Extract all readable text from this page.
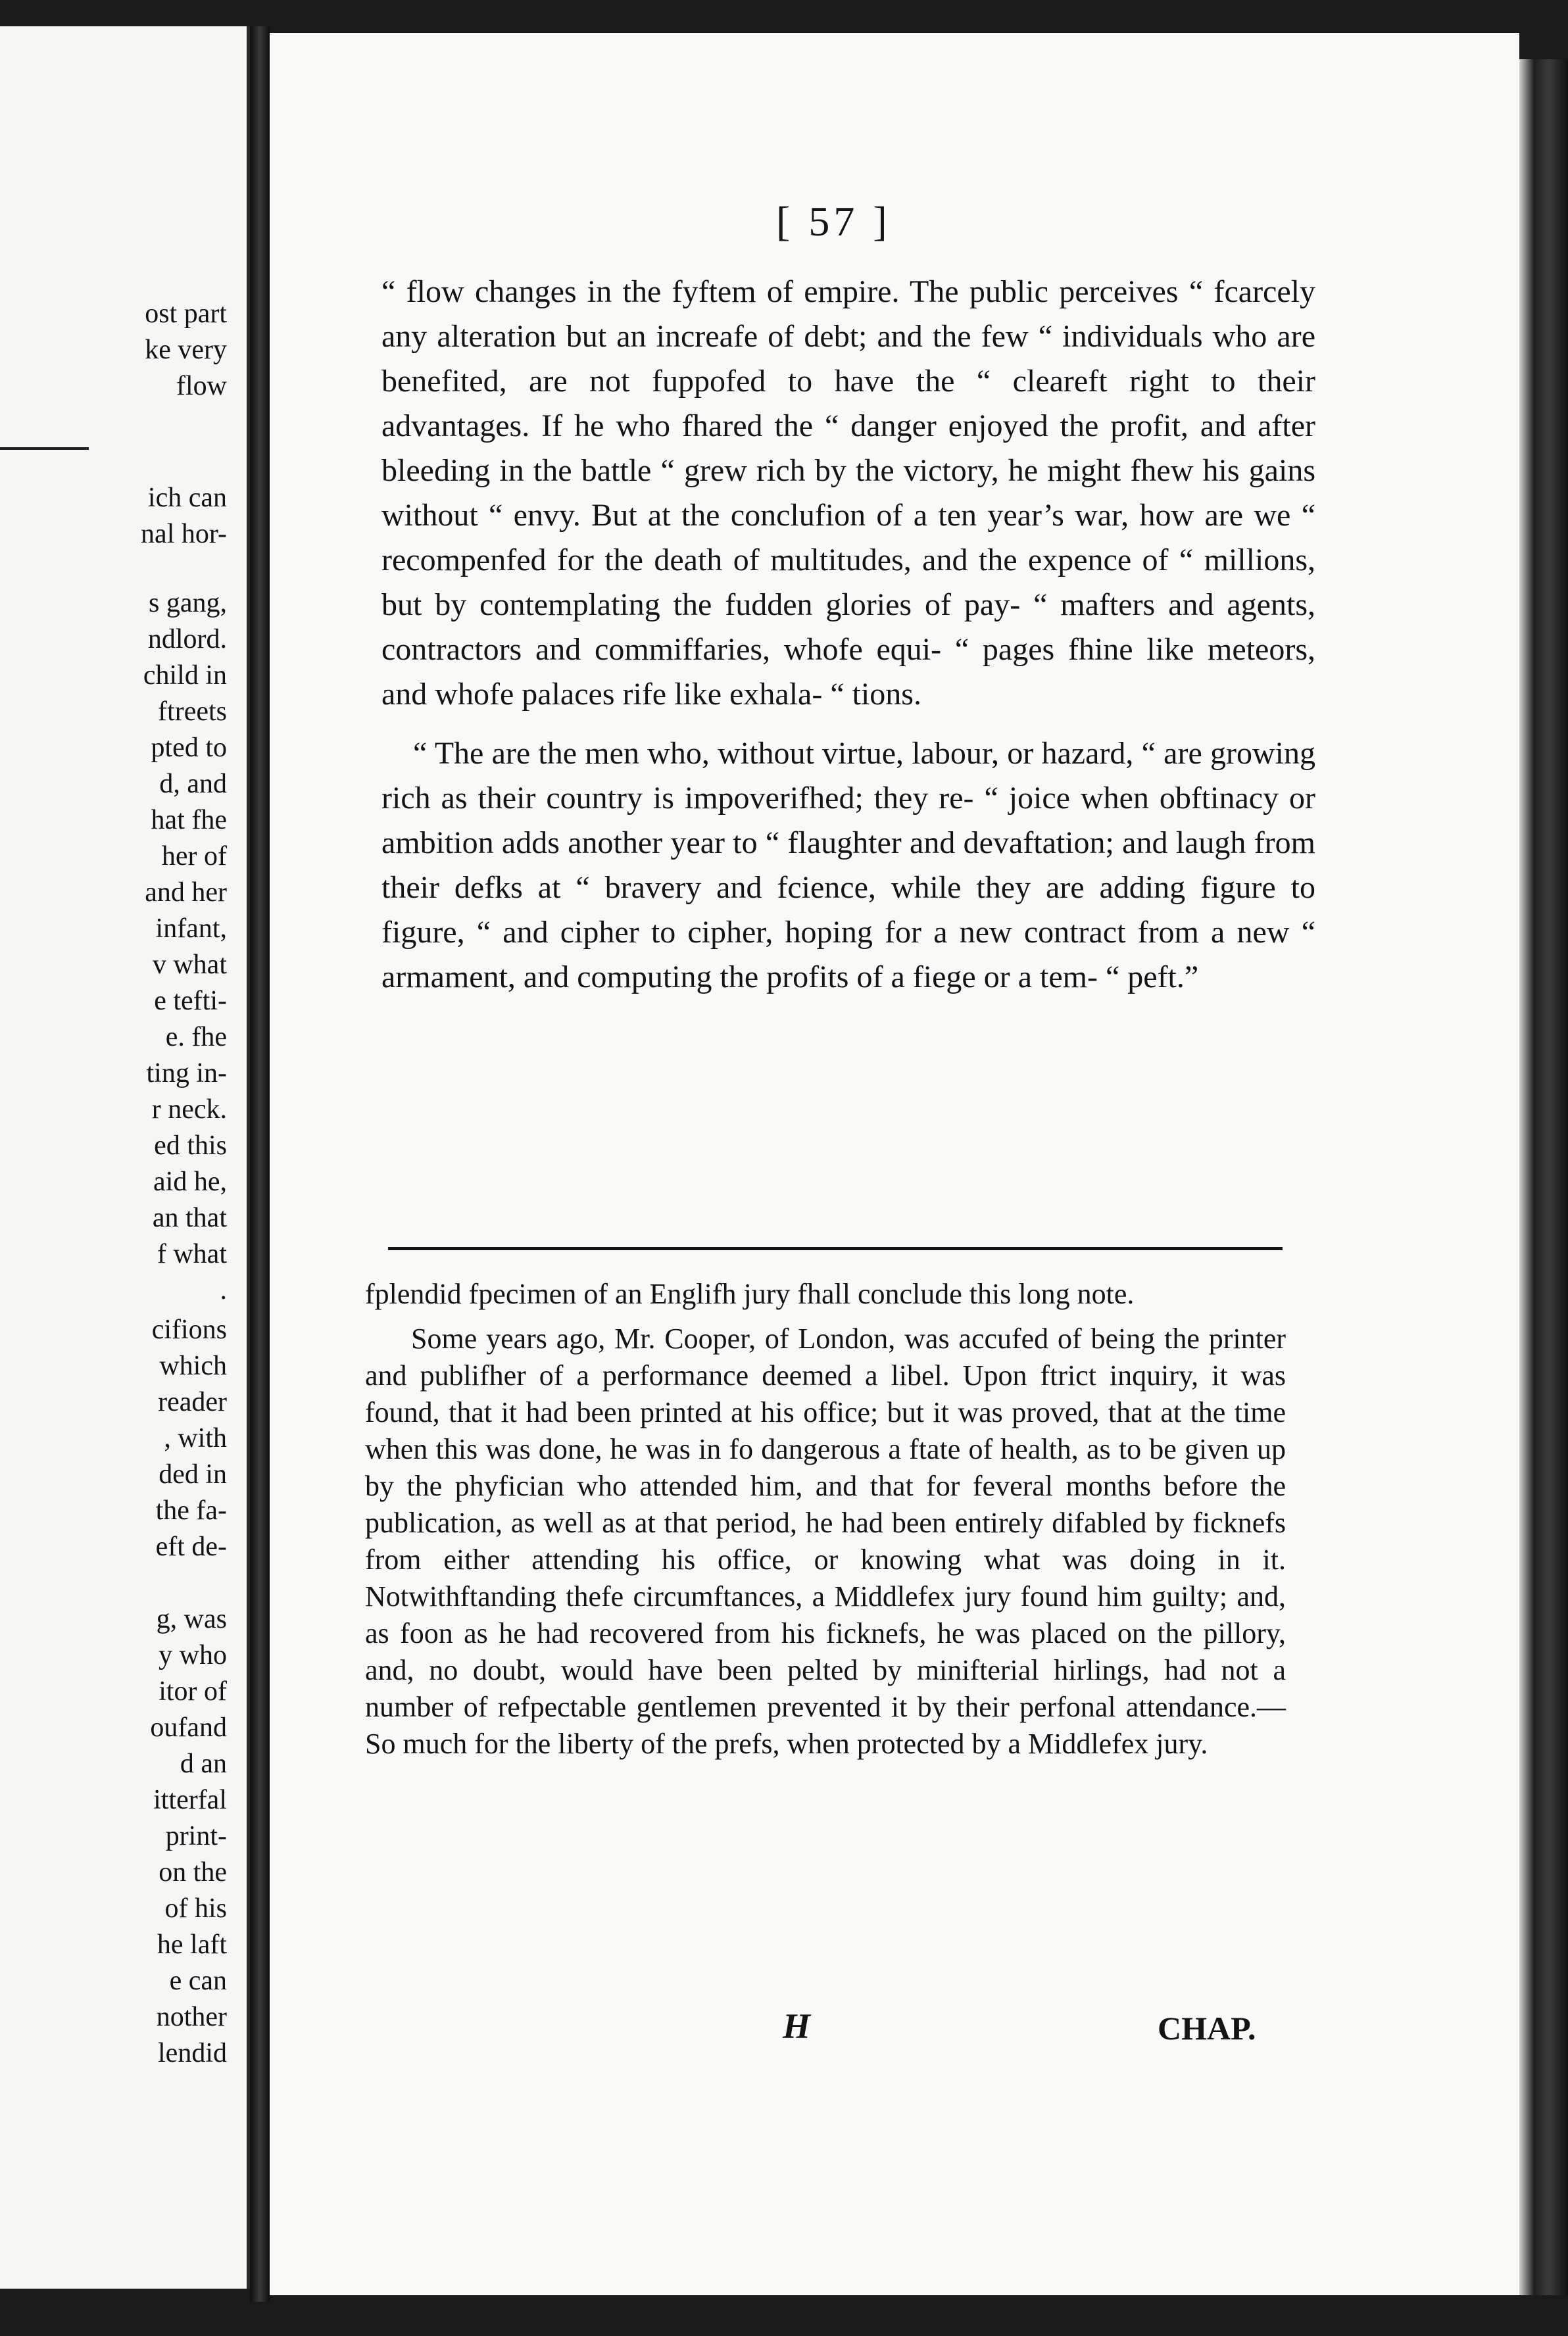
ost part
ke very
flow
ich can
nal hor-
s gang,
ndlord.
child in
ftreets
pted to
d, and
hat fhe
her of
and her
infant,
v what
e tefti-
e. fhe
ting in-
r neck.
ed this
aid he,
an that
f what
.
cifions
which
reader
, with
ded in
the fa-
eft de-
g, was
y who
itor of
oufand
d an
itterfal
print-
on the
of his
he laft
e can
nother
lendid
[ 57 ]

“ flow changes in the fyftem of empire. The public perceives “ fcarcely any alteration but an increafe of debt; and the few “ individuals who are benefited, are not fuppofed to have the “ cleareft right to their advantages. If he who fhared the “ danger enjoyed the profit, and after bleeding in the battle “ grew rich by the victory, he might fhew his gains without “ envy. But at the conclufion of a ten year’s war, how are we “ recompenfed for the death of multitudes, and the expence of “ millions, but by contemplating the fudden glories of pay- “ mafters and agents, contractors and commiffaries, whofe equi- “ pages fhine like meteors, and whofe palaces rife like exhala- “ tions.

“ The are the men who, without virtue, labour, or hazard, “ are growing rich as their country is impoverifhed; they re- “ joice when obftinacy or ambition adds another year to “ flaughter and devaftation; and laugh from their defks at “ bravery and fcience, while they are adding figure to figure, “ and cipher to cipher, hoping for a new contract from a new “ armament, and computing the profits of a fiege or a tem- “ peft.”

fplendid fpecimen of an Englifh jury fhall conclude this long note.

Some years ago, Mr. Cooper, of London, was accufed of being the printer and publifher of a performance deemed a libel. Upon ftrict inquiry, it was found, that it had been printed at his office; but it was proved, that at the time when this was done, he was in fo dangerous a ftate of health, as to be given up by the phyfician who attended him, and that for feveral months before the publication, as well as at that period, he had been entirely difabled by ficknefs from either attending his office, or knowing what was doing in it. Notwithftanding thefe circumftances, a Middlefex jury found him guilty; and, as foon as he had recovered from his ficknefs, he was placed on the pillory, and, no doubt, would have been pelted by minifterial hirlings, had not a number of refpectable gentlemen prevented it by their perfonal attendance.—So much for the liberty of the prefs, when protected by a Middlefex jury.

H	CHAP.
